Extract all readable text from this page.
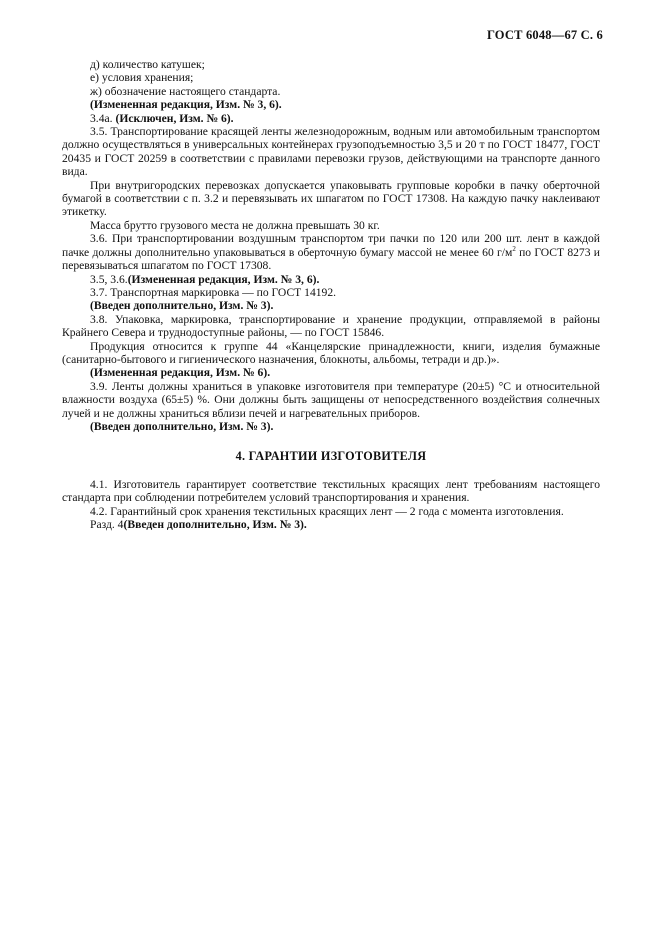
ГОСТ 6048—67 С. 6

д) количество катушек;

е) условия хранения;

ж) обозначение настоящего стандарта.

(Измененная редакция, Изм. № 3, 6).

3.4а. (Исключен, Изм. № 6).

3.5. Транспортирование красящей ленты железнодорожным, водным или автомобильным транспортом должно осуществляться в универсальных контейнерах грузоподъемностью 3,5 и 20 т по ГОСТ 18477, ГОСТ 20435 и ГОСТ 20259 в соответствии с правилами перевозки грузов, действующими на транспорте данного вида.

При внутригородских перевозках допускается упаковывать групповые коробки в пачку оберточной бумагой в соответствии с п. 3.2 и перевязывать их шпагатом по ГОСТ 17308. На каждую пачку наклеивают этикетку.

Масса брутто грузового места не должна превышать 30 кг.

3.6. При транспортировании воздушным транспортом три пачки по 120 или 200 шт. лент в каждой пачке должны дополнительно упаковываться в оберточную бумагу массой не менее 60 $г/м^2$ по ГОСТ 8273 и перевязываться шпагатом по ГОСТ 17308.

3.5, 3.6.(Измененная редакция, Изм. № 3, 6).

3.7. Транспортная маркировка — по ГОСТ 14192.

(Введен дополнительно, Изм. № 3).

3.8. Упаковка, маркировка, транспортирование и хранение продукции, отправляемой в районы Крайнего Севера и труднодоступные районы, — по ГОСТ 15846.

Продукция относится к группе 44 «Канцелярские принадлежности, книги, изделия бумажные (санитарно-бытового и гигиенического назначения, блокноты, альбомы, тетради и др.)».

(Измененная редакция, Изм. № 6).

3.9. Ленты должны храниться в упаковке изготовителя при температуре (20±5) °С и относительной влажности воздуха (65±5) %. Они должны быть защищены от непосредственного воздействия солнечных лучей и не должны храниться вблизи печей и нагревательных приборов.

(Введен дополнительно, Изм. № 3).

4. ГАРАНТИИ ИЗГОТОВИТЕЛЯ

4.1. Изготовитель гарантирует соответствие текстильных красящих лент требованиям настоящего стандарта при соблюдении потребителем условий транспортирования и хранения.

4.2. Гарантийный срок хранения текстильных красящих лент — 2 года с момента изготовления.

Разд. 4(Введен дополнительно, Изм. № 3).
